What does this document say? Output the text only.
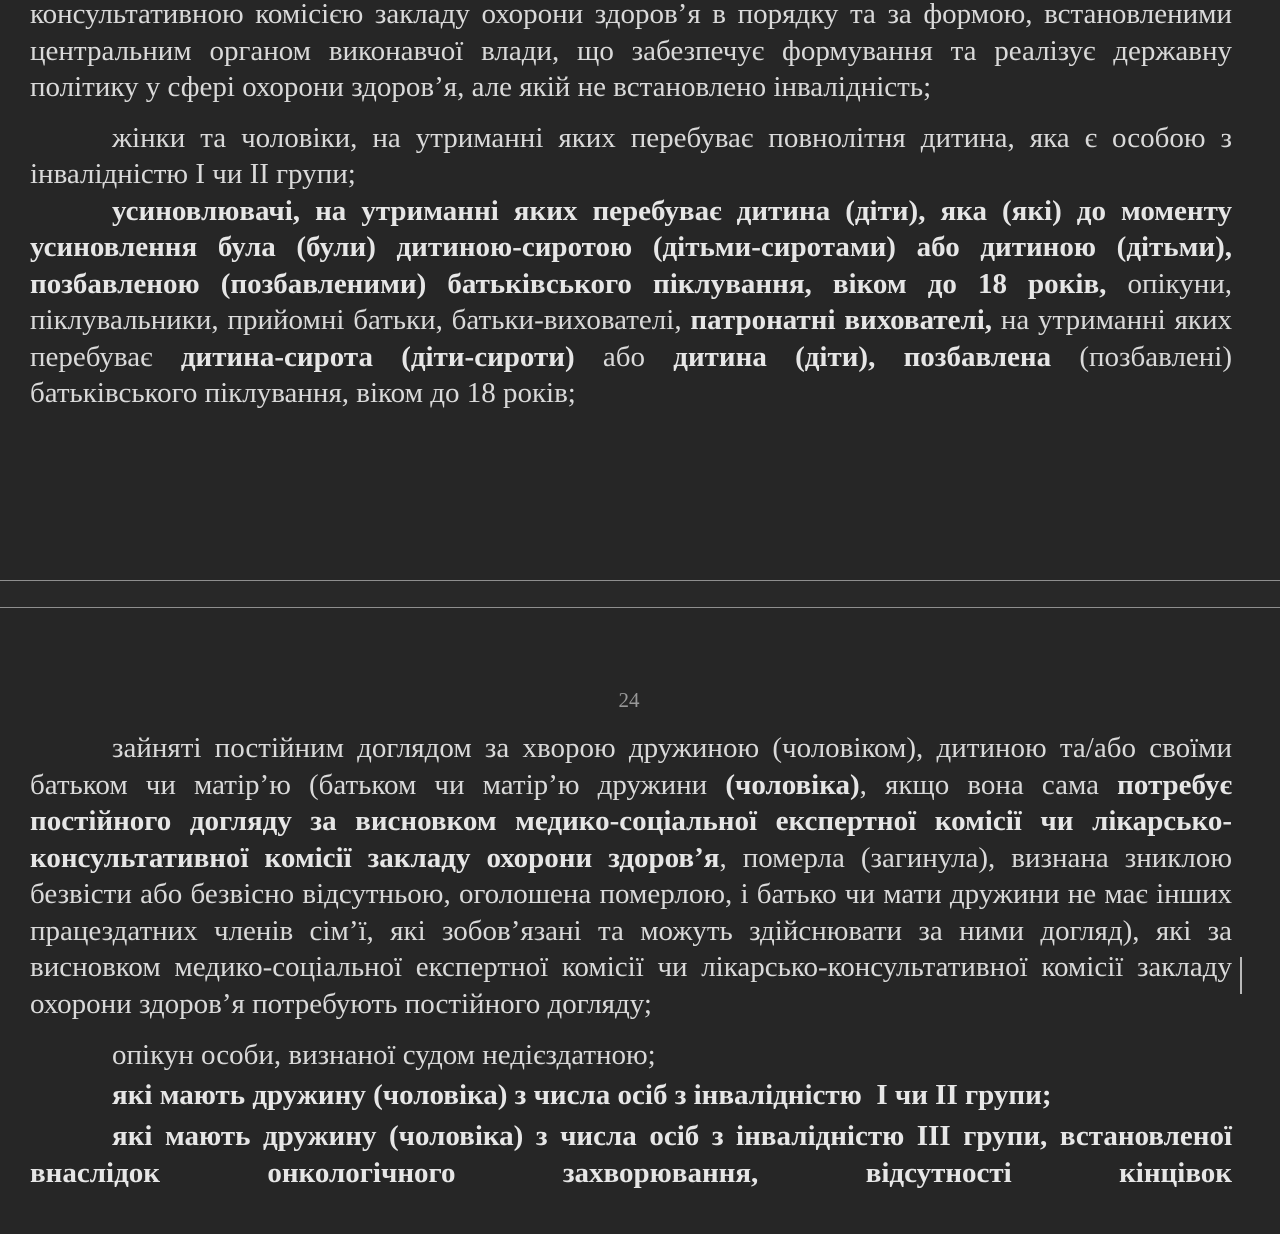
консультативною комісією закладу охорони здоров’я в порядку та за формою, встановленими центральним органом виконавчої влади, що забезпечує формування та реалізує державну політику у сфері охорони здоров’я, але якій не встановлено інвалідність;

жінки та чоловіки, на утриманні яких перебуває повнолітня дитина, яка є особою з інвалідністю І чи ІІ групи;

усиновлювачі, на утриманні яких перебуває дитина (діти), яка (які) до моменту усиновлення була (були) дитиною-сиротою (дітьми-сиротами) або дитиною (дітьми), позбавленою (позбавленими) батьківського піклування, віком до 18 років, опікуни, піклувальники, прийомні батьки, батьки-вихователі, патронатні вихователі, на утриманні яких перебуває дитина-сирота (діти-сироти) або дитина (діти), позбавлена (позбавлені) батьківського піклування, віком до 18 років;

24

зайняті постійним доглядом за хворою дружиною (чоловіком), дитиною та/або своїми батьком чи матір’ю (батьком чи матір’ю дружини (чоловіка), якщо вона сама потребує постійного догляду за висновком медико-соціальної експертної комісії чи лікарсько-консультативної комісії закладу охорони здоров’я, померла (загинула), визнана зниклою безвісти або безвісно відсутньою, оголошена померлою, і батько чи мати дружини не має інших працездатних членів сім’ї, які зобов’язані та можуть здійснювати за ними догляд), які за висновком медико-соціальної експертної комісії чи лікарсько-консультативної комісії закладу охорони здоров’я потребують постійного догляду;

опікун особи, визнаної судом недієздатною;

які мають дружину (чоловіка) з числа осіб з інвалідністю  І чи ІІ групи;

які мають дружину (чоловіка) з числа осіб з інвалідністю ІІІ групи, встановленої внаслідок онкологічного захворювання, відсутності кінцівок
